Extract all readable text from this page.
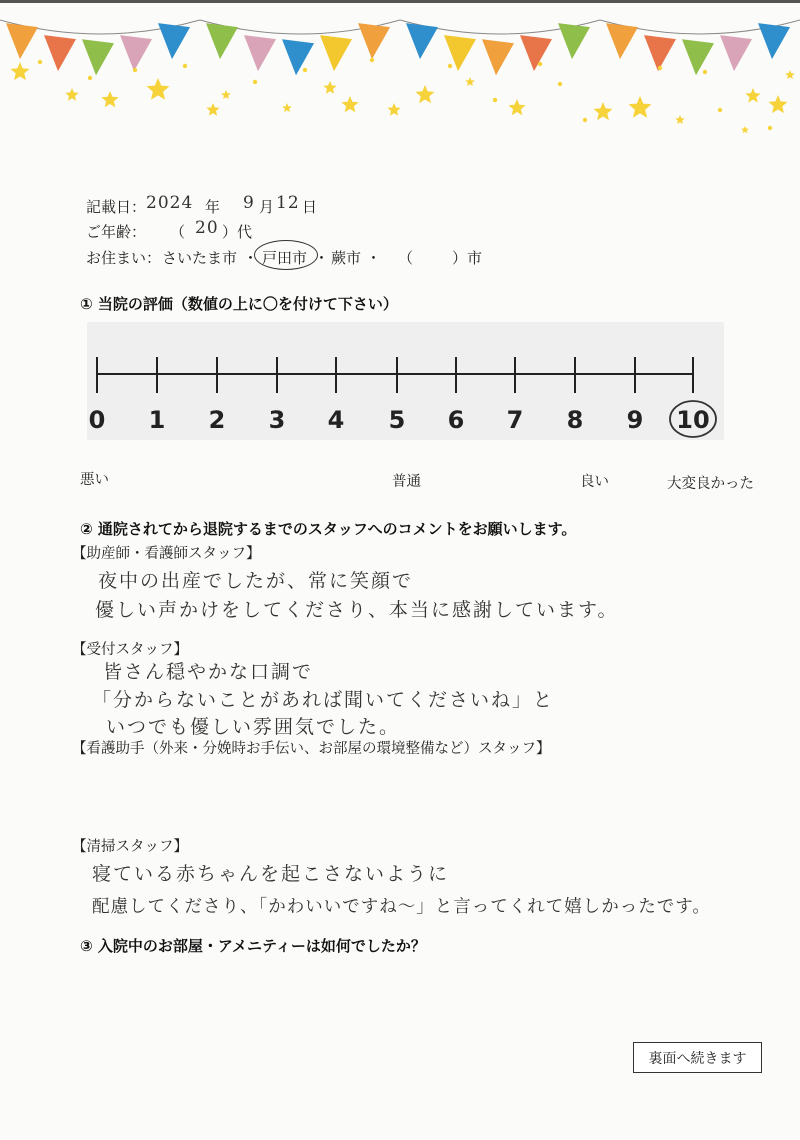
記載日： 2024 年 9 月 12 日
ご年齢： （ 20 ）代
お住まい： さいたま市 ・ 戸田市 ・ 蕨市 ・ （	）市
① 当院の評価（数値の上に〇を付けて下さい）
0 1 2 3 4 5 6 7 8 9 10
悪い	普通	良い	大変良かった
② 通院されてから退院するまでのスタッフへのコメントをお願いします。
【助産師・看護師スタッフ】
夜中の出産でしたが、常に笑顔で
優しい声かけをしてくださり、本当に感謝しています。
【受付スタッフ】
皆さん穏やかな口調で
「分からないことがあれば聞いてくださいね」と
いつでも優しい雰囲気でした。
【看護助手（外来・分娩時お手伝い、お部屋の環境整備など）スタッフ】
【清掃スタッフ】
寝ている赤ちゃんを起こさないように
配慮してくださり、「かわいいですね～」と言ってくれて嬉しかったです。
③ 入院中のお部屋・アメニティーは如何でしたか？
裏面へ続きます
